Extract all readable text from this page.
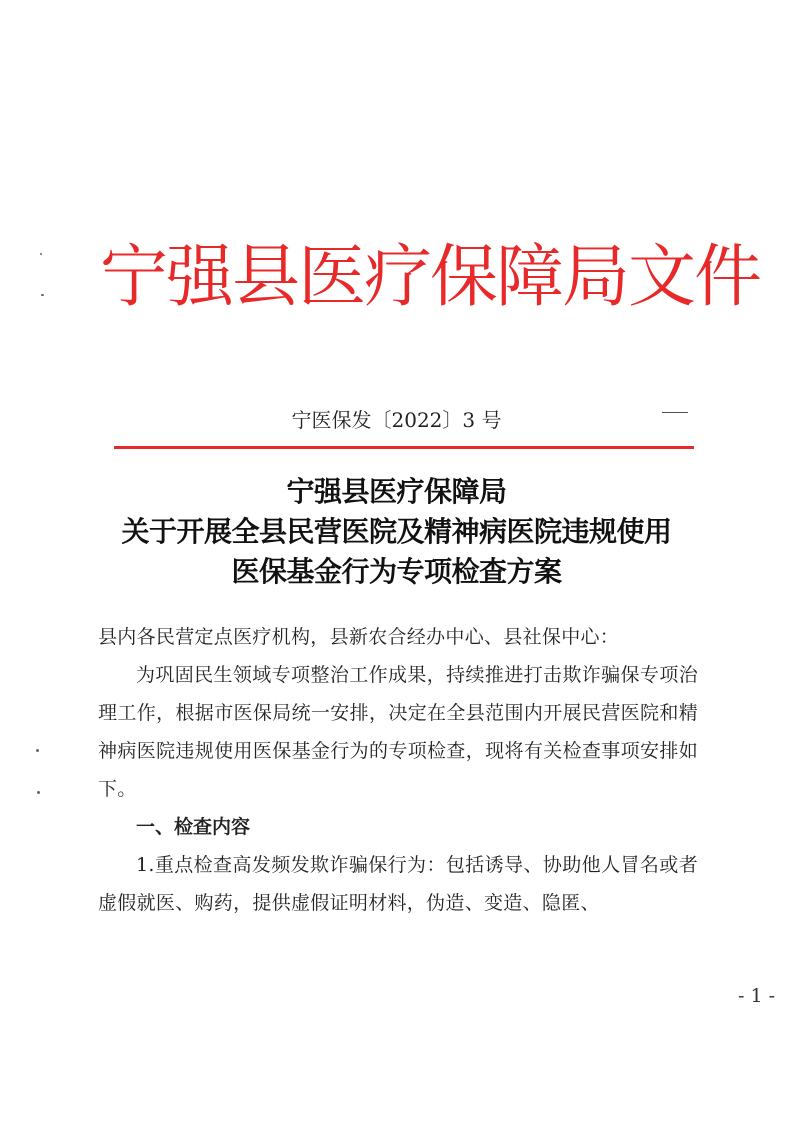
宁强县医疗保障局文件
宁医保发〔2022〕3 号
宁强县医疗保障局
关于开展全县民营医院及精神病医院违规使用
医保基金行为专项检查方案

县内各民营定点医疗机构，县新农合经办中心、县社保中心：

为巩固民生领域专项整治工作成果，持续推进打击欺诈骗保专项治理工作，根据市医保局统一安排，决定在全县范围内开展民营医院和精神病医院违规使用医保基金行为的专项检查，现将有关检查事项安排如下。

一、检查内容

1.重点检查高发频发欺诈骗保行为：包括诱导、协助他人冒名或者虚假就医、购药，提供虚假证明材料，伪造、变造、隐匿、

- 1 -
